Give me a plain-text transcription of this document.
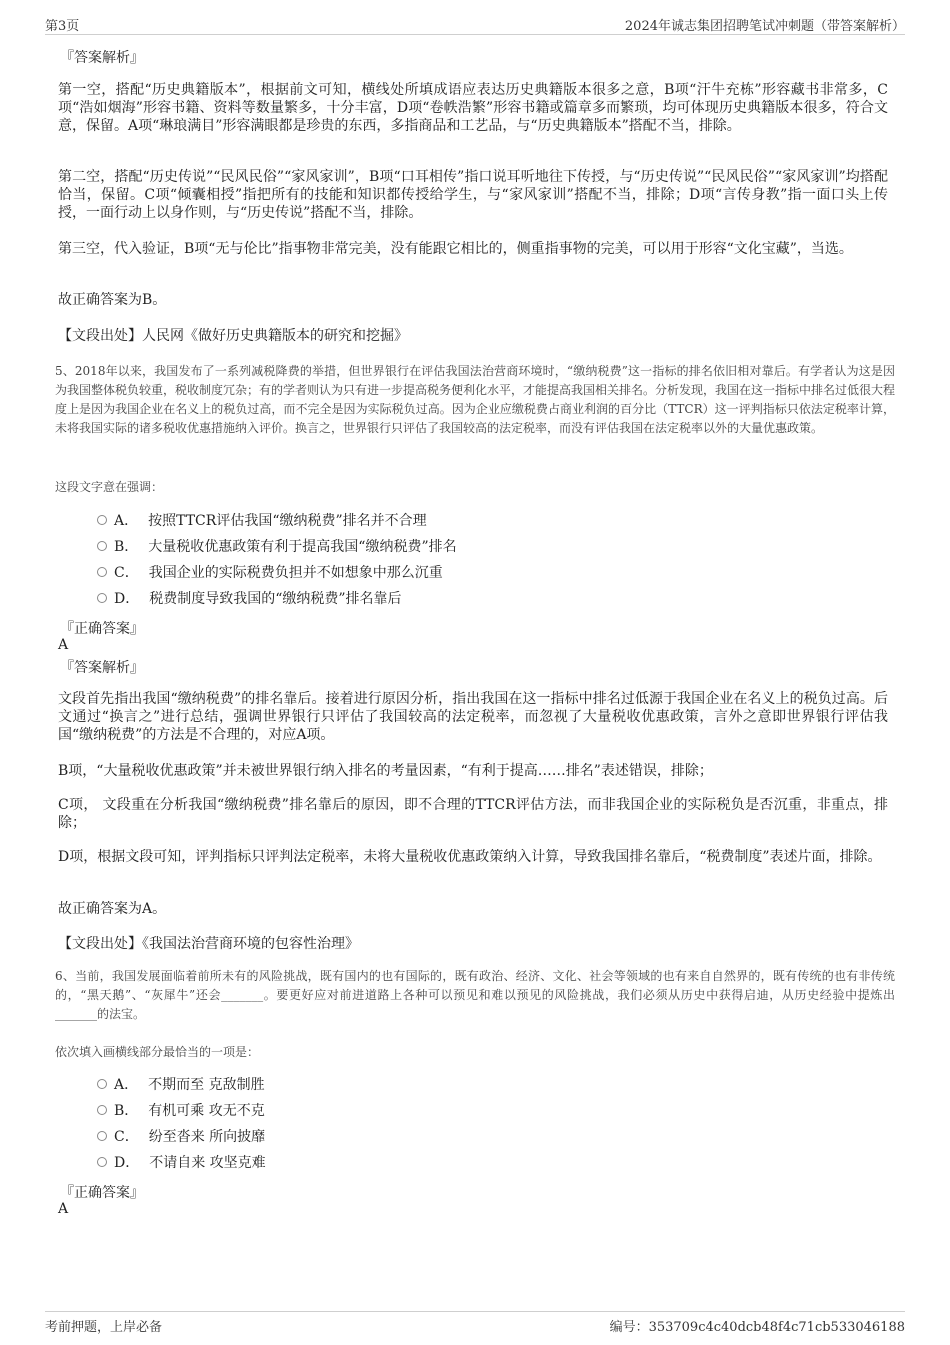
第3页	2024年诚志集团招聘笔试冲刺题（带答案解析）
『答案解析』
第一空，搭配“历史典籍版本”，根据前文可知，横线处所填成语应表达历史典籍版本很多之意，B项“汗牛充栋”形容藏书非常多，C项“浩如烟海”形容书籍、资料等数量繁多，十分丰富，D项“卷帙浩繁”形容书籍或篇章多而繁琐，均可体现历史典籍版本很多，符合文意，保留。A项“琳琅满目”形容满眼都是珍贵的东西，多指商品和工艺品，与“历史典籍版本”搭配不当，排除。
第二空，搭配“历史传说”“民风民俗”“家风家训”，B项“口耳相传”指口说耳听地往下传授，与“历史传说”“民风民俗”“家风家训”均搭配恰当，保留。C项“倾囊相授”指把所有的技能和知识都传授给学生，与“家风家训”搭配不当，排除；D项“言传身教”指一面口头上传授，一面行动上以身作则，与“历史传说”搭配不当，排除。
第三空，代入验证，B项“无与伦比”指事物非常完美，没有能跟它相比的，侧重指事物的完美，可以用于形容“文化宝藏”，当选。
故正确答案为B。
【文段出处】人民网《做好历史典籍版本的研究和挖掘》
5、2018年以来，我国发布了一系列减税降费的举措，但世界银行在评估我国法治营商环境时，“缴纳税费”这一指标的排名依旧相对靠后。有学者认为这是因为我国整体税负较重，税收制度冗杂；有的学者则认为只有进一步提高税务便利化水平，才能提高我国相关排名。分析发现，我国在这一指标中排名过低很大程度上是因为我国企业在名义上的税负过高，而不完全是因为实际税负过高。因为企业应缴税费占商业利润的百分比（TTCR）这一评判指标只依法定税率计算，未将我国实际的诸多税收优惠措施纳入评价。换言之，世界银行只评估了我国较高的法定税率，而没有评估我国在法定税率以外的大量优惠政策。
这段文字意在强调：
A． 按照TTCR评估我国“缴纳税费”排名并不合理
B． 大量税收优惠政策有利于提高我国“缴纳税费”排名
C． 我国企业的实际税费负担并不如想象中那么沉重
D． 税费制度导致我国的“缴纳税费”排名靠后
『正确答案』
A
『答案解析』
文段首先指出我国“缴纳税费”的排名靠后。接着进行原因分析，指出我国在这一指标中排名过低源于我国企业在名义上的税负过高。后文通过“换言之”进行总结，强调世界银行只评估了我国较高的法定税率，而忽视了大量税收优惠政策，言外之意即世界银行评估我国“缴纳税费”的方法是不合理的，对应A项。
B项，“大量税收优惠政策”并未被世界银行纳入排名的考量因素，“有利于提高……排名”表述错误，排除；
C项， 文段重在分析我国“缴纳税费”排名靠后的原因，即不合理的TTCR评估方法，而非我国企业的实际税负是否沉重，非重点，排除；
D项，根据文段可知，评判指标只评判法定税率，未将大量税收优惠政策纳入计算，导致我国排名靠后，“税费制度”表述片面，排除。
故正确答案为A。
【文段出处】《我国法治营商环境的包容性治理》
6、当前，我国发展面临着前所未有的风险挑战，既有国内的也有国际的，既有政治、经济、文化、社会等领域的也有来自自然界的，既有传统的也有非传统的，“黑天鹅”、“灰犀牛”还会_______。要更好应对前进道路上各种可以预见和难以预见的风险挑战，我们必须从历史中获得启迪，从历史经验中提炼出_______的法宝。
依次填入画横线部分最恰当的一项是：
A． 不期而至 克敌制胜
B． 有机可乘 攻无不克
C． 纷至沓来 所向披靡
D． 不请自来 攻坚克难
『正确答案』
A
考前押题，上岸必备	编号：353709c4c40dcb48f4c71cb533046188
